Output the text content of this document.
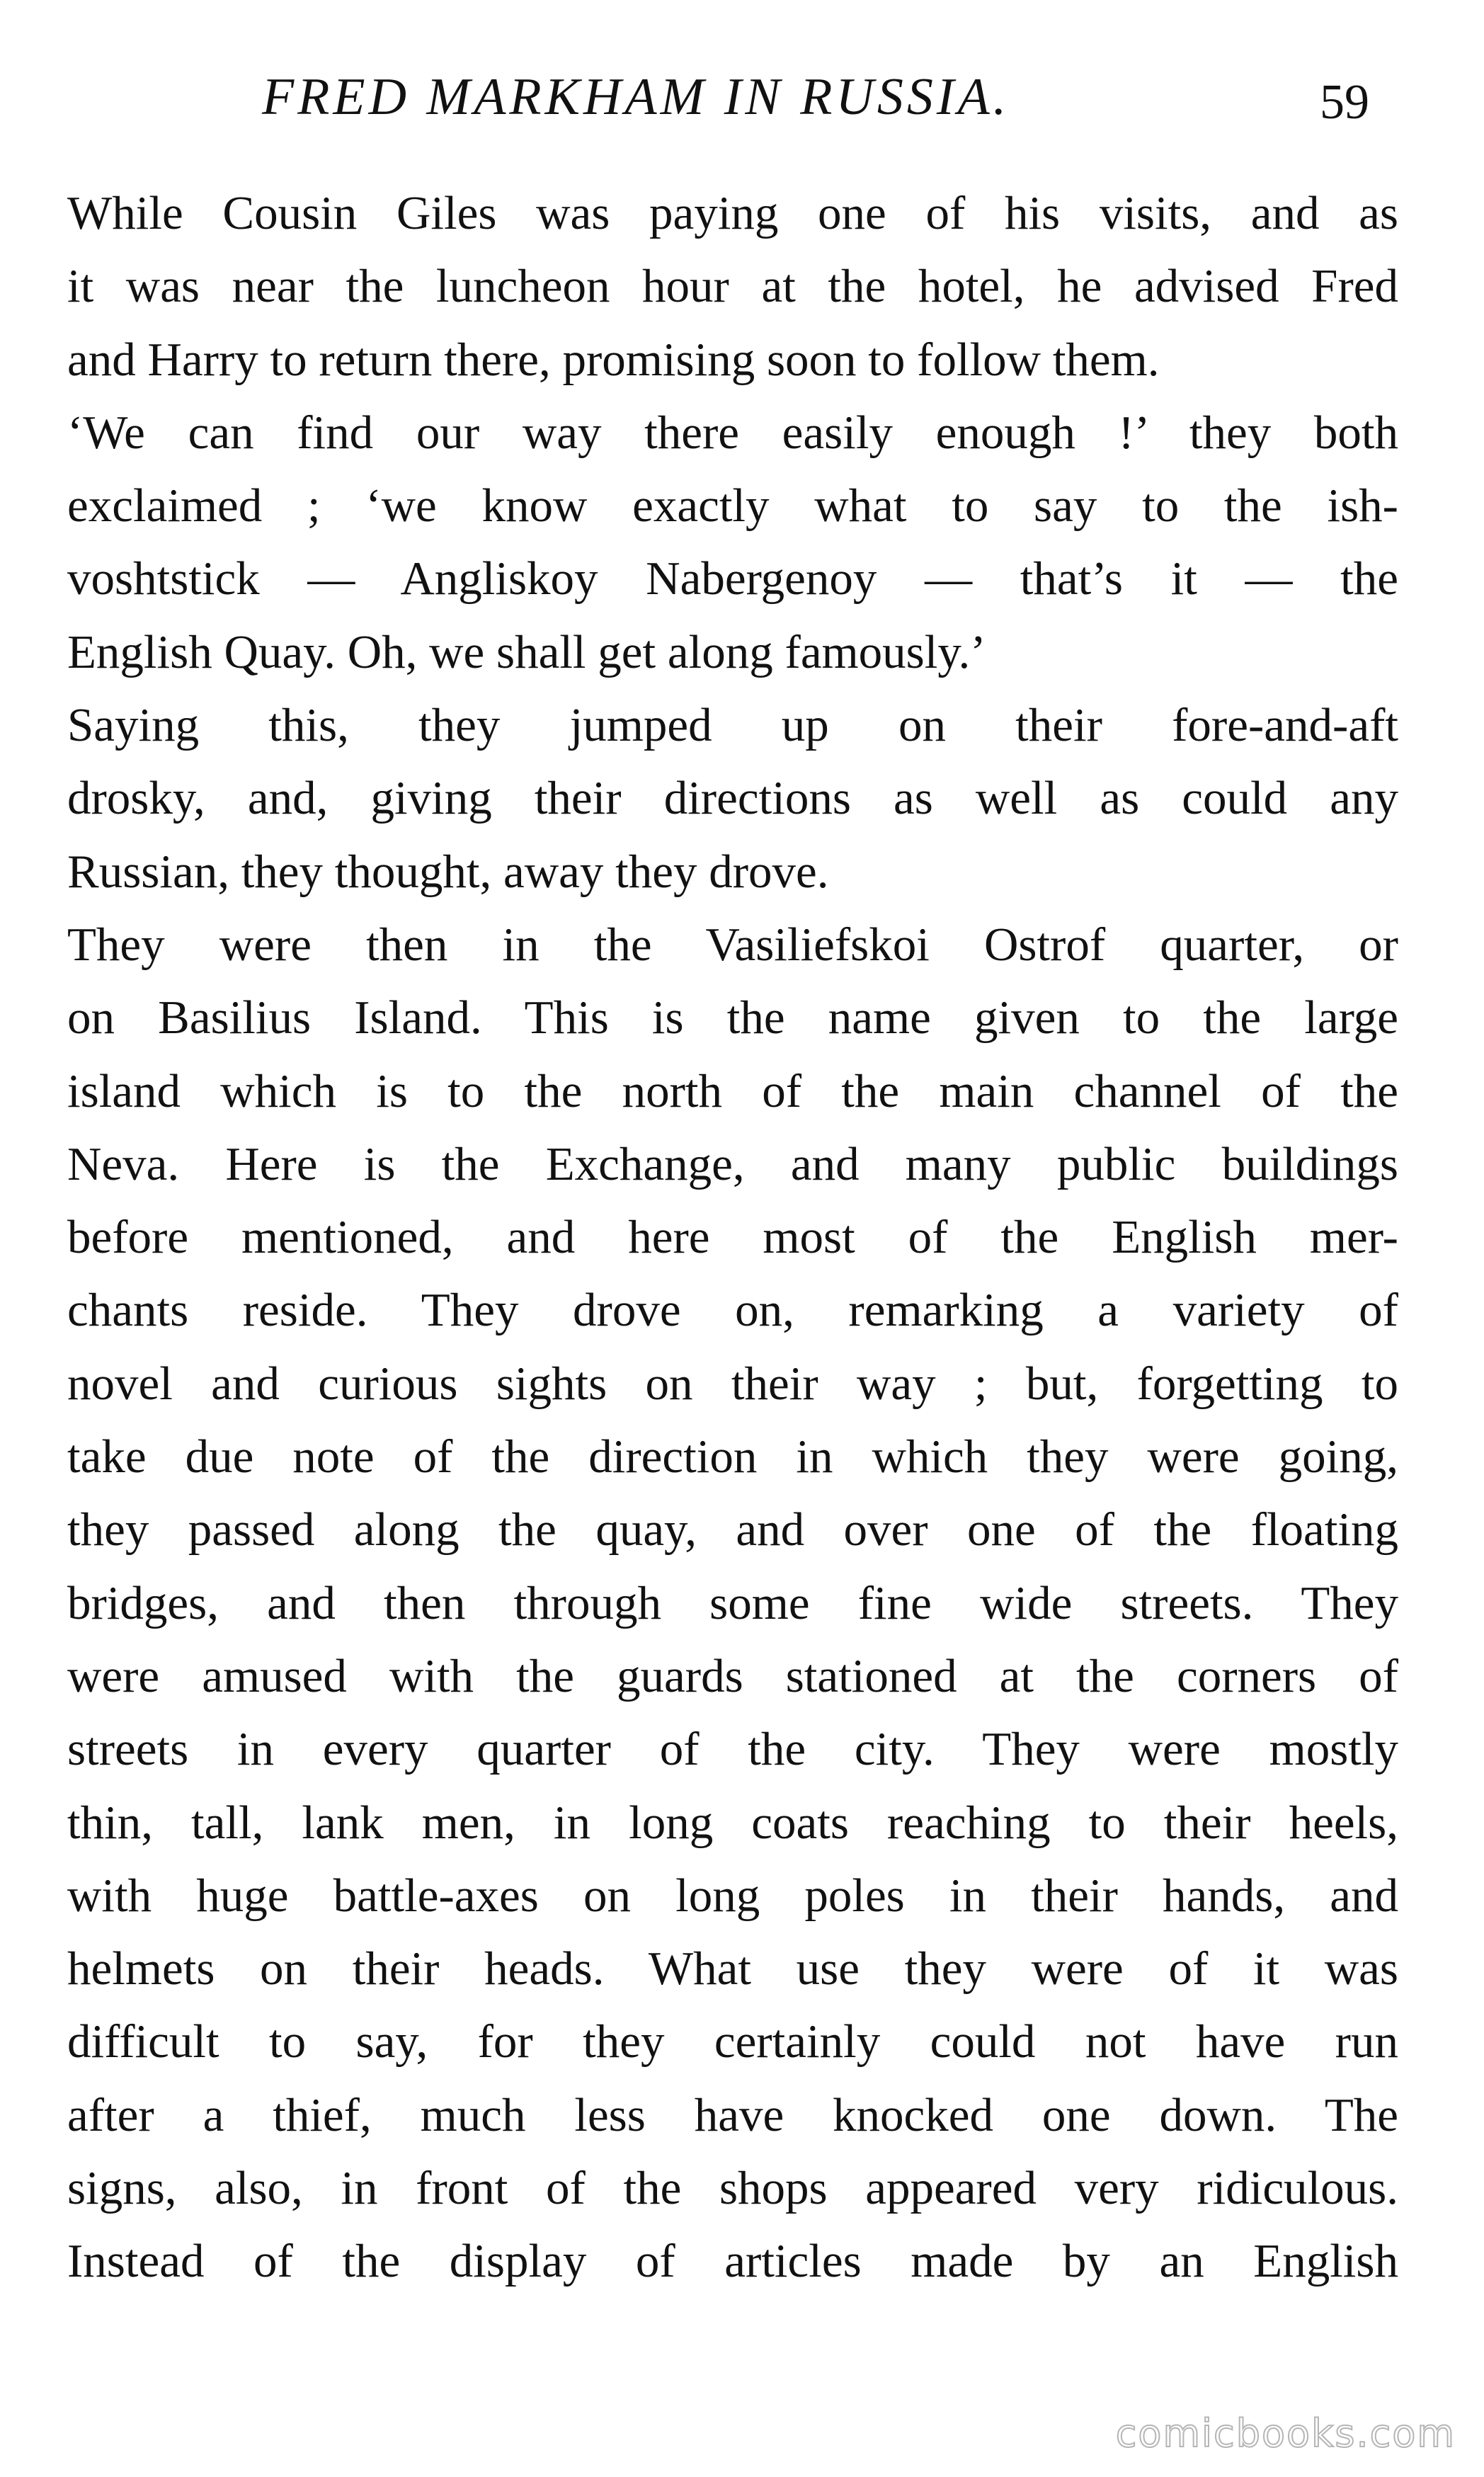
FRED MARKHAM IN RUSSIA.	59
While Cousin Giles was paying one of his visits, and as
it was near the luncheon hour at the hotel, he advised Fred
and Harry to return there, promising soon to follow them.
‘We can find our way there easily enough !’ they both
exclaimed ; ‘we know exactly what to say to the ish-
voshtstick — Angliskoy Nabergenoy — that’s it — the
English Quay. Oh, we shall get along famously.’
Saying this, they jumped up on their fore-and-aft
drosky, and, giving their directions as well as could any
Russian, they thought, away they drove.
They were then in the Vasiliefskoi Ostrof quarter, or
on Basilius Island. This is the name given to the large
island which is to the north of the main channel of the
Neva. Here is the Exchange, and many public buildings
before mentioned, and here most of the English mer-
chants reside. They drove on, remarking a variety of
novel and curious sights on their way ; but, forgetting to
take due note of the direction in which they were going,
they passed along the quay, and over one of the floating
bridges, and then through some fine wide streets. They
were amused with the guards stationed at the corners of
streets in every quarter of the city. They were mostly
thin, tall, lank men, in long coats reaching to their heels,
with huge battle-axes on long poles in their hands, and
helmets on their heads. What use they were of it was
difficult to say, for they certainly could not have run
after a thief, much less have knocked one down. The
signs, also, in front of the shops appeared very ridiculous.
Instead of the display of articles made by an English
comicbooks.com
